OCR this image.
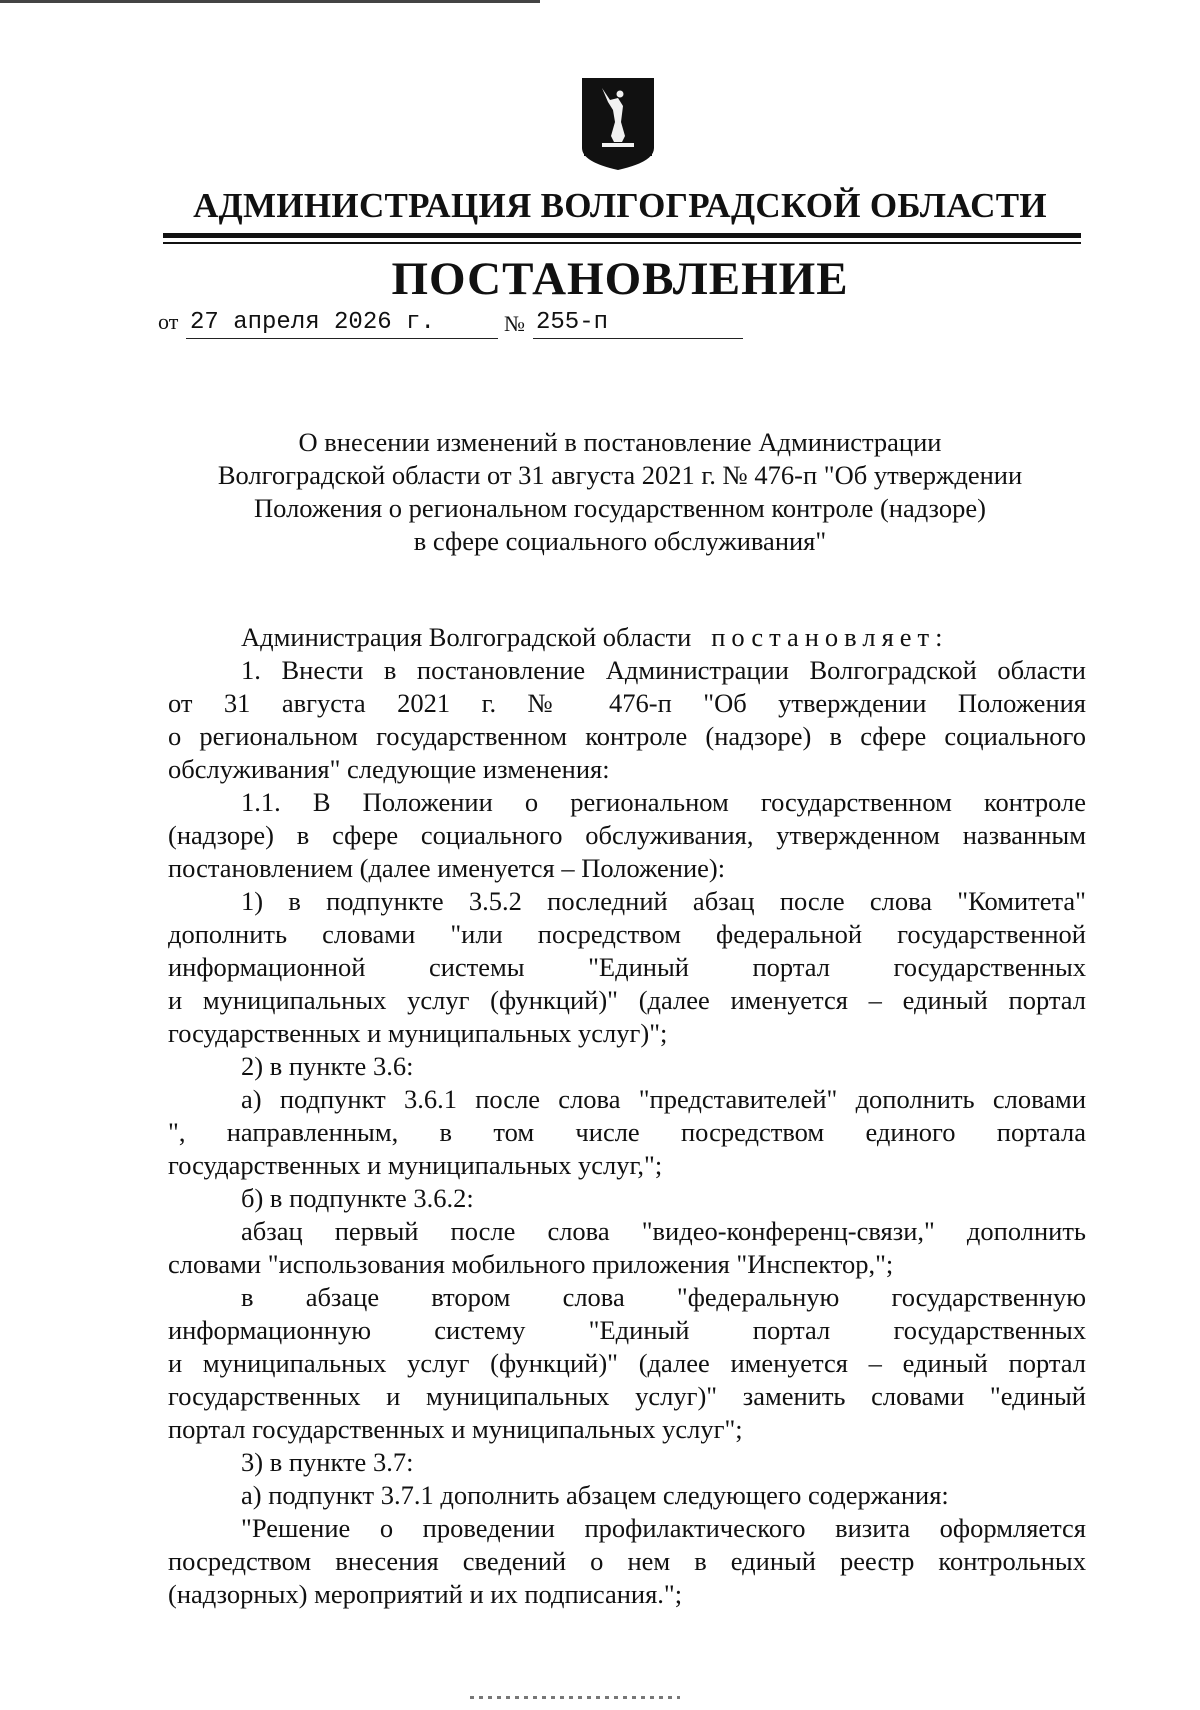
АДМИНИСТРАЦИЯ ВОЛГОГРАДСКОЙ ОБЛАСТИ
ПОСТАНОВЛЕНИЕ
от 27 апреля 2026 г.	№ 255-п
О внесении изменений в постановление Администрации
Волгоградской области от 31 августа 2021 г. № 476-п "Об утверждении
Положения о региональном государственном контроле (надзоре)
в сфере социального обслуживания"
Администрация Волгоградской области постановляет:
1. Внести в постановление Администрации Волгоградской области
от 31 августа 2021 г. № 476-п "Об утверждении Положения
о региональном государственном контроле (надзоре) в сфере социального
обслуживания" следующие изменения:
1.1. В Положении о региональном государственном контроле
(надзоре) в сфере социального обслуживания, утвержденном названным
постановлением (далее именуется – Положение):
1) в подпункте 3.5.2 последний абзац после слова "Комитета"
дополнить словами "или посредством федеральной государственной
информационной системы "Единый портал государственных
и муниципальных услуг (функций)" (далее именуется – единый портал
государственных и муниципальных услуг)";
2) в пункте 3.6:
а) подпункт 3.6.1 после слова "представителей" дополнить словами
", направленным, в том числе посредством единого портала
государственных и муниципальных услуг,";
б) в подпункте 3.6.2:
абзац первый после слова "видео-конференц-связи," дополнить
словами "использования мобильного приложения "Инспектор,";
в абзаце втором слова "федеральную государственную
информационную систему "Единый портал государственных
и муниципальных услуг (функций)" (далее именуется – единый портал
государственных и муниципальных услуг)" заменить словами "единый
портал государственных и муниципальных услуг";
3) в пункте 3.7:
а) подпункт 3.7.1 дополнить абзацем следующего содержания:
"Решение о проведении профилактического визита оформляется
посредством внесения сведений о нем в единый реестр контрольных
(надзорных) мероприятий и их подписания.";
